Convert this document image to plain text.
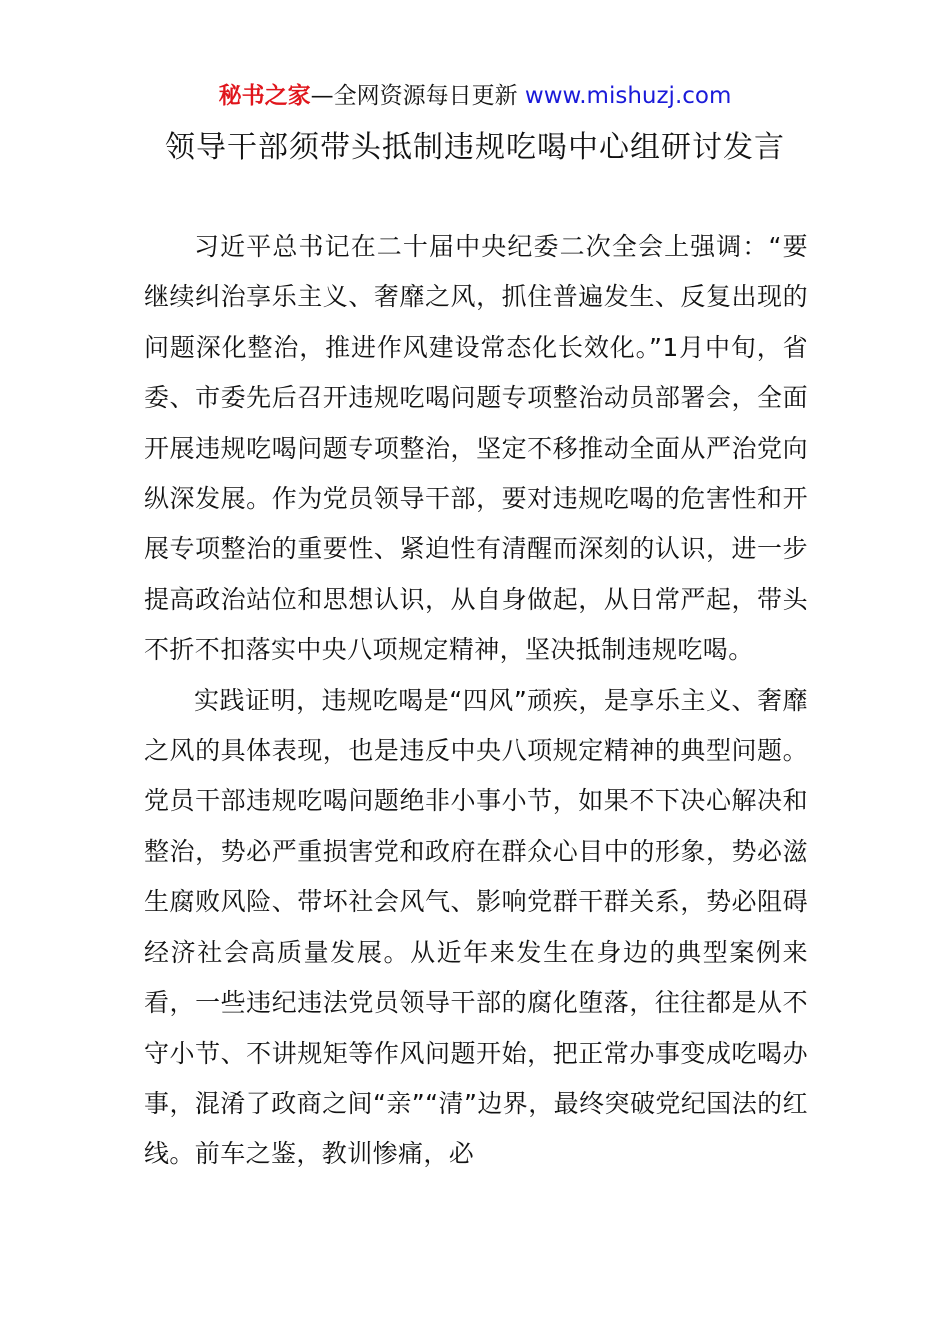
秘书之家—全网资源每日更新 www.mishuzj.com
领导干部须带头抵制违规吃喝中心组研讨发言

习近平总书记在二十届中央纪委二次全会上强调：“要继续纠治享乐主义、奢靡之风，抓住普遍发生、反复出现的问题深化整治，推进作风建设常态化长效化。”1月中旬，省委、市委先后召开违规吃喝问题专项整治动员部署会，全面开展违规吃喝问题专项整治，坚定不移推动全面从严治党向纵深发展。作为党员领导干部，要对违规吃喝的危害性和开展专项整治的重要性、紧迫性有清醒而深刻的认识，进一步提高政治站位和思想认识，从自身做起，从日常严起，带头不折不扣落实中央八项规定精神，坚决抵制违规吃喝。

实践证明，违规吃喝是“四风”顽疾，是享乐主义、奢靡之风的具体表现，也是违反中央八项规定精神的典型问题。党员干部违规吃喝问题绝非小事小节，如果不下决心解决和整治，势必严重损害党和政府在群众心目中的形象，势必滋生腐败风险、带坏社会风气、影响党群干群关系，势必阻碍经济社会高质量发展。从近年来发生在身边的典型案例来看，一些违纪违法党员领导干部的腐化堕落，往往都是从不守小节、不讲规矩等作风问题开始，把正常办事变成吃喝办事，混淆了政商之间“亲”“清”边界，最终突破党纪国法的红线。前车之鉴，教训惨痛，必
